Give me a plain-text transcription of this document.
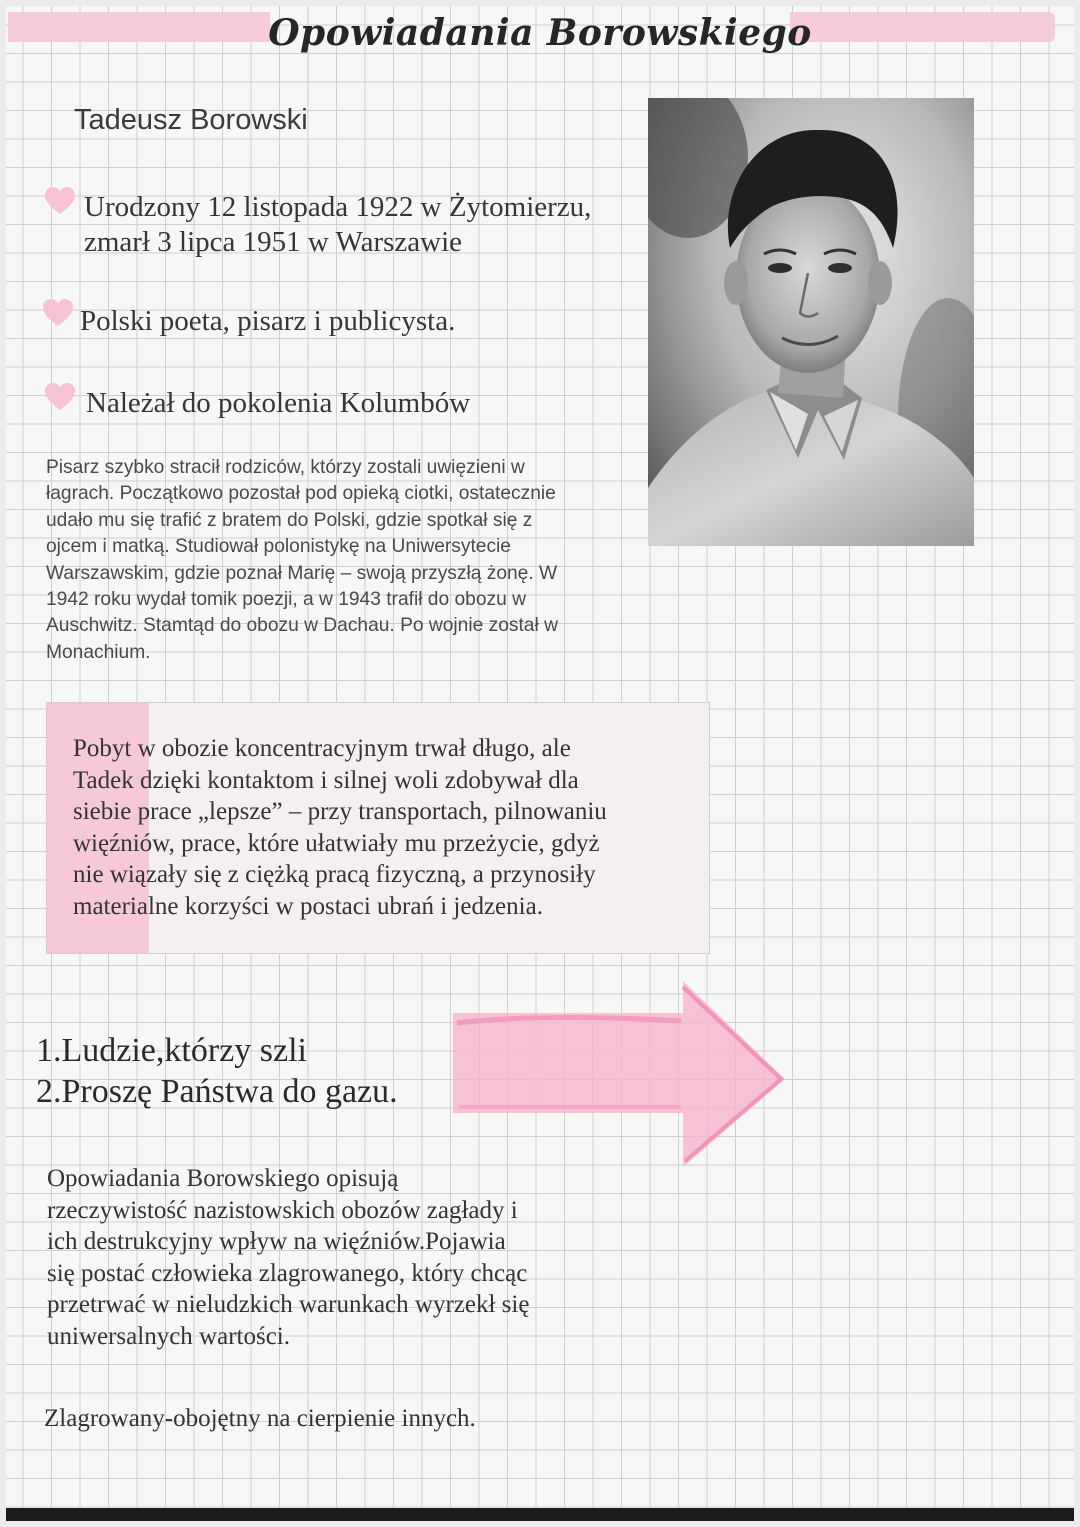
Opowiadania Borowskiego
Tadeusz Borowski
Urodzony 12 listopada 1922 w Żytomierzu,
zmarł 3 lipca 1951 w Warszawie
Polski poeta, pisarz i publicysta.
Należał do pokolenia Kolumbów
Pisarz szybko stracił rodziców, którzy zostali uwięzieni w
łagrach. Początkowo pozostał pod opieką ciotki, ostatecznie
udało mu się trafić z bratem do Polski, gdzie spotkał się z
ojcem i matką. Studiował polonistykę na Uniwersytecie
Warszawskim, gdzie poznał Marię – swoją przyszłą żonę. W
1942 roku wydał tomik poezji, a w 1943 trafił do obozu w
Auschwitz. Stamtąd do obozu w Dachau. Po wojnie został w
Monachium.
Pobyt w obozie koncentracyjnym trwał długo, ale
Tadek dzięki kontaktom i silnej woli zdobywał dla
siebie prace „lepsze” – przy transportach, pilnowaniu
więźniów, prace, które ułatwiały mu przeżycie, gdyż
nie wiązały się z ciężką pracą fizyczną, a przynosiły
materialne korzyści w postaci ubrań i jedzenia.
1.Ludzie,którzy szli
2.Proszę Państwa do gazu.
Opowiadania Borowskiego opisują
rzeczywistość nazistowskich obozów zagłady i
ich destrukcyjny wpływ na więźniów.Pojawia
się postać człowieka zlagrowanego, który chcąc
przetrwać w nieludzkich warunkach wyrzekł się
uniwersalnych wartości.
Zlagrowany-obojętny na cierpienie innych.
